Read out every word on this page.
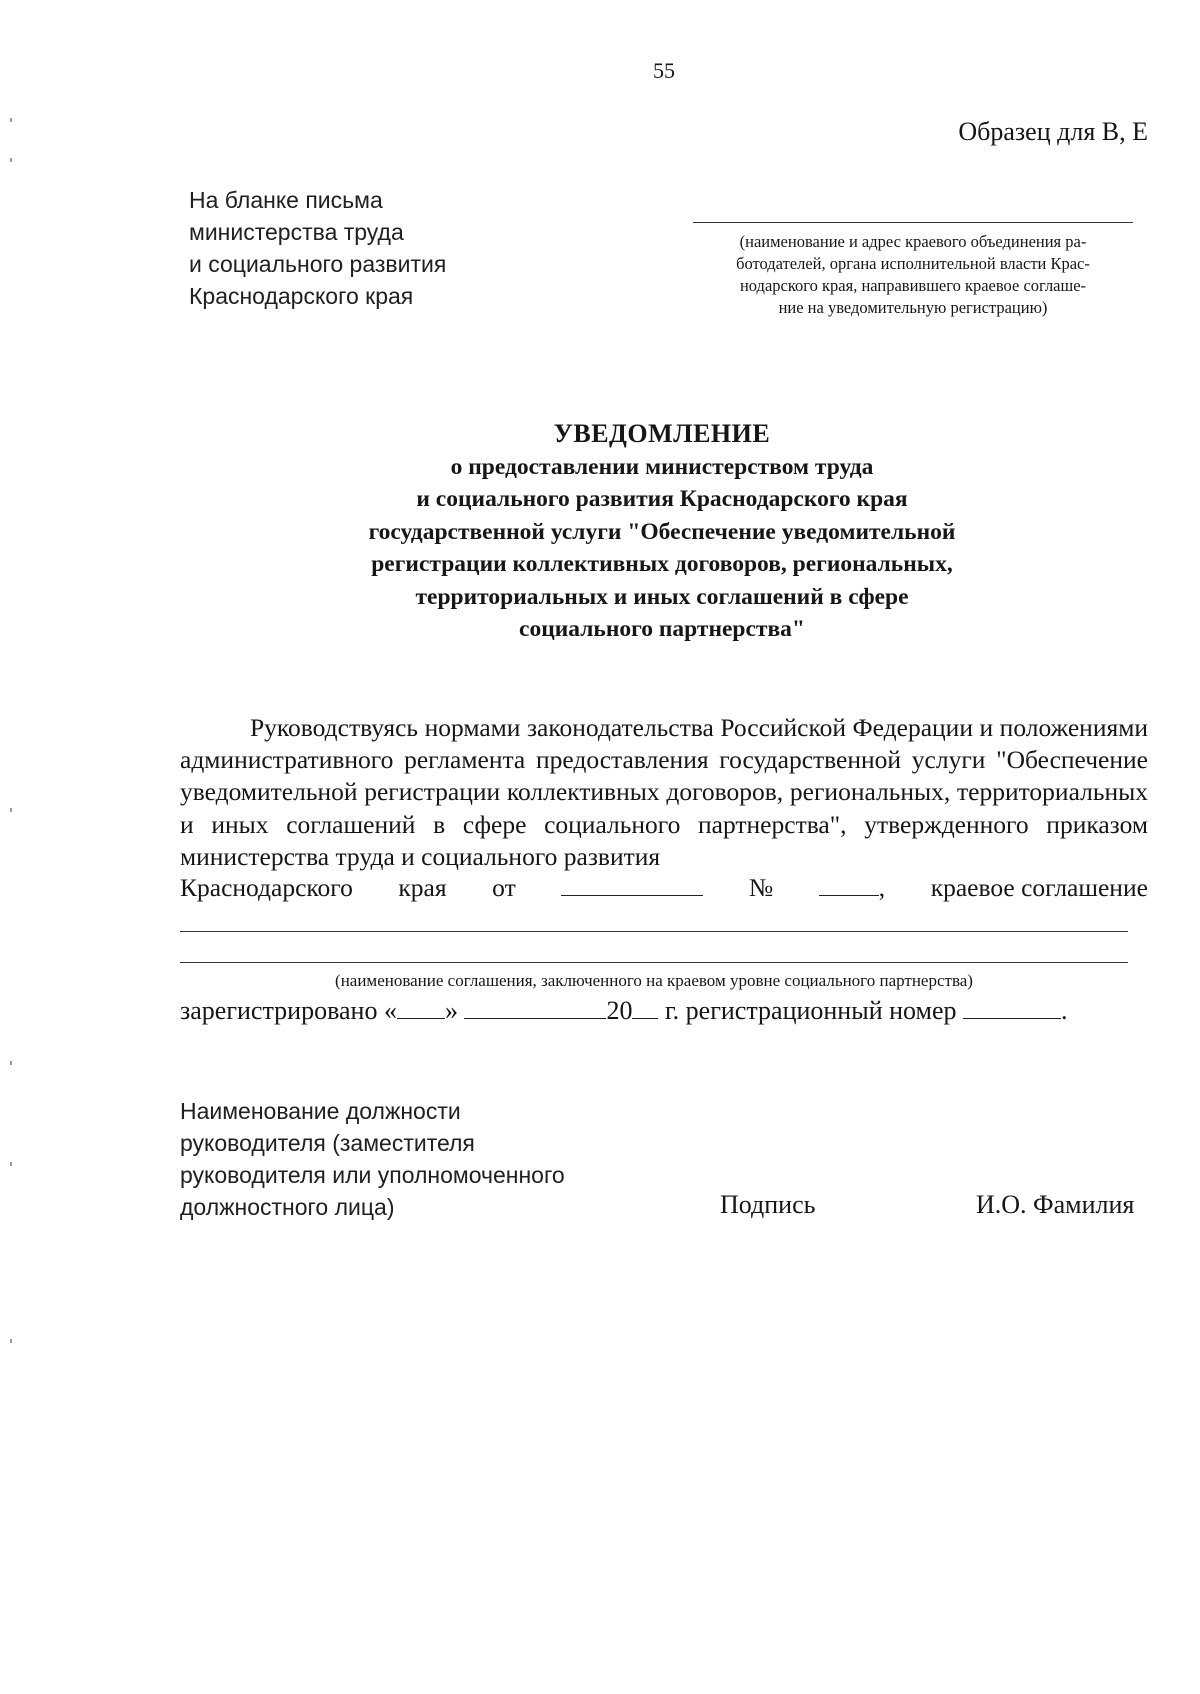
55
Образец для В, Е
На бланке письма
министерства труда
и социального развития
Краснодарского края
(наименование и адрес краевого объединения ра-
ботодателей, органа исполнительной власти Крас-
нодарского края, направившего краевое соглаше-
ние на уведомительную регистрацию)
УВЕДОМЛЕНИЕ
о предоставлении министерством труда
и социального развития Краснодарского края
государственной услуги "Обеспечение уведомительной
регистрации коллективных договоров, региональных,
территориальных и иных соглашений в сфере
социального партнерства"
Руководствуясь нормами законодательства Российской Федерации и положениями административного регламента предоставления государственной услуги "Обеспечение уведомительной регистрации коллективных договоров, региональных, территориальных и иных соглашений в сфере социального партнерства", утвержденного приказом министерства труда и социального развития
Краснодарского края от	№	, краевое соглашение
(наименование соглашения, заключенного на краевом уровне социального партнерства)
зарегистрировано « »	20 г. регистрационный номер	.
Наименование должности
руководителя (заместителя
руководителя или уполномоченного
должностного лица)	Подпись	И.О. Фамилия
